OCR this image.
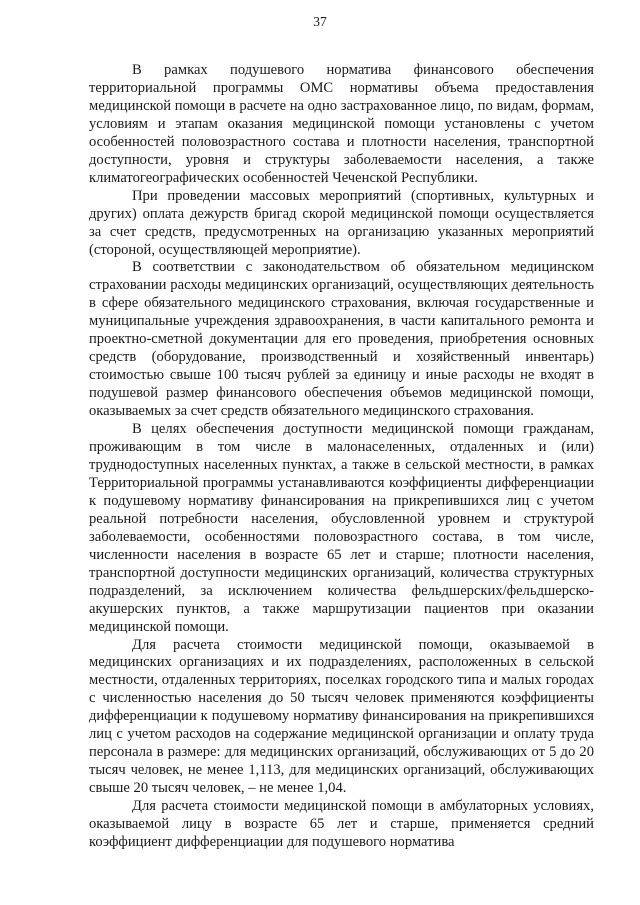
37

В рамках подушевого норматива финансового обеспечения территориальной программы ОМС нормативы объема предоставления медицинской помощи в расчете на одно застрахованное лицо, по видам, формам, условиям и этапам оказания медицинской помощи установлены с учетом особенностей половозрастного состава и плотности населения, транспортной доступности, уровня и структуры заболеваемости населения, а также климатогеографических особенностей Чеченской Республики.

При проведении массовых мероприятий (спортивных, культурных и других) оплата дежурств бригад скорой медицинской помощи осуществляется за счет средств, предусмотренных на организацию указанных мероприятий (стороной, осуществляющей мероприятие).

В соответствии с законодательством об обязательном медицинском страховании расходы медицинских организаций, осуществляющих деятельность в сфере обязательного медицинского страхования, включая государственные и муниципальные учреждения здравоохранения, в части капитального ремонта и проектно-сметной документации для его проведения, приобретения основных средств (оборудование, производственный и хозяйственный инвентарь) стоимостью свыше 100 тысяч рублей за единицу и иные расходы не входят в подушевой размер финансового обеспечения объемов медицинской помощи, оказываемых за счет средств обязательного медицинского страхования.

В целях обеспечения доступности медицинской помощи гражданам, проживающим в том числе в малонаселенных, отдаленных и (или) труднодоступных населенных пунктах, а также в сельской местности, в рамках Территориальной программы устанавливаются коэффициенты дифференциации к подушевому нормативу финансирования на прикрепившихся лиц с учетом реальной потребности населения, обусловленной уровнем и структурой заболеваемости, особенностями половозрастного состава, в том числе, численности населения в возрасте 65 лет и старше; плотности населения, транспортной доступности медицинских организаций, количества структурных подразделений, за исключением количества фельдшерских/фельдшерско-акушерских пунктов, а также маршрутизации пациентов при оказании медицинской помощи.

Для расчета стоимости медицинской помощи, оказываемой в медицинских организациях и их подразделениях, расположенных в сельской местности, отдаленных территориях, поселках городского типа и малых городах с численностью населения до 50 тысяч человек применяются коэффициенты дифференциации к подушевому нормативу финансирования на прикрепившихся лиц с учетом расходов на содержание медицинской организации и оплату труда персонала в размере: для медицинских организаций, обслуживающих от 5 до 20 тысяч человек, не менее 1,113, для медицинских организаций, обслуживающих свыше 20 тысяч человек, – не менее 1,04.

Для расчета стоимости медицинской помощи в амбулаторных условиях, оказываемой лицу в возрасте 65 лет и старше, применяется средний коэффициент дифференциации для подушевого норматива
